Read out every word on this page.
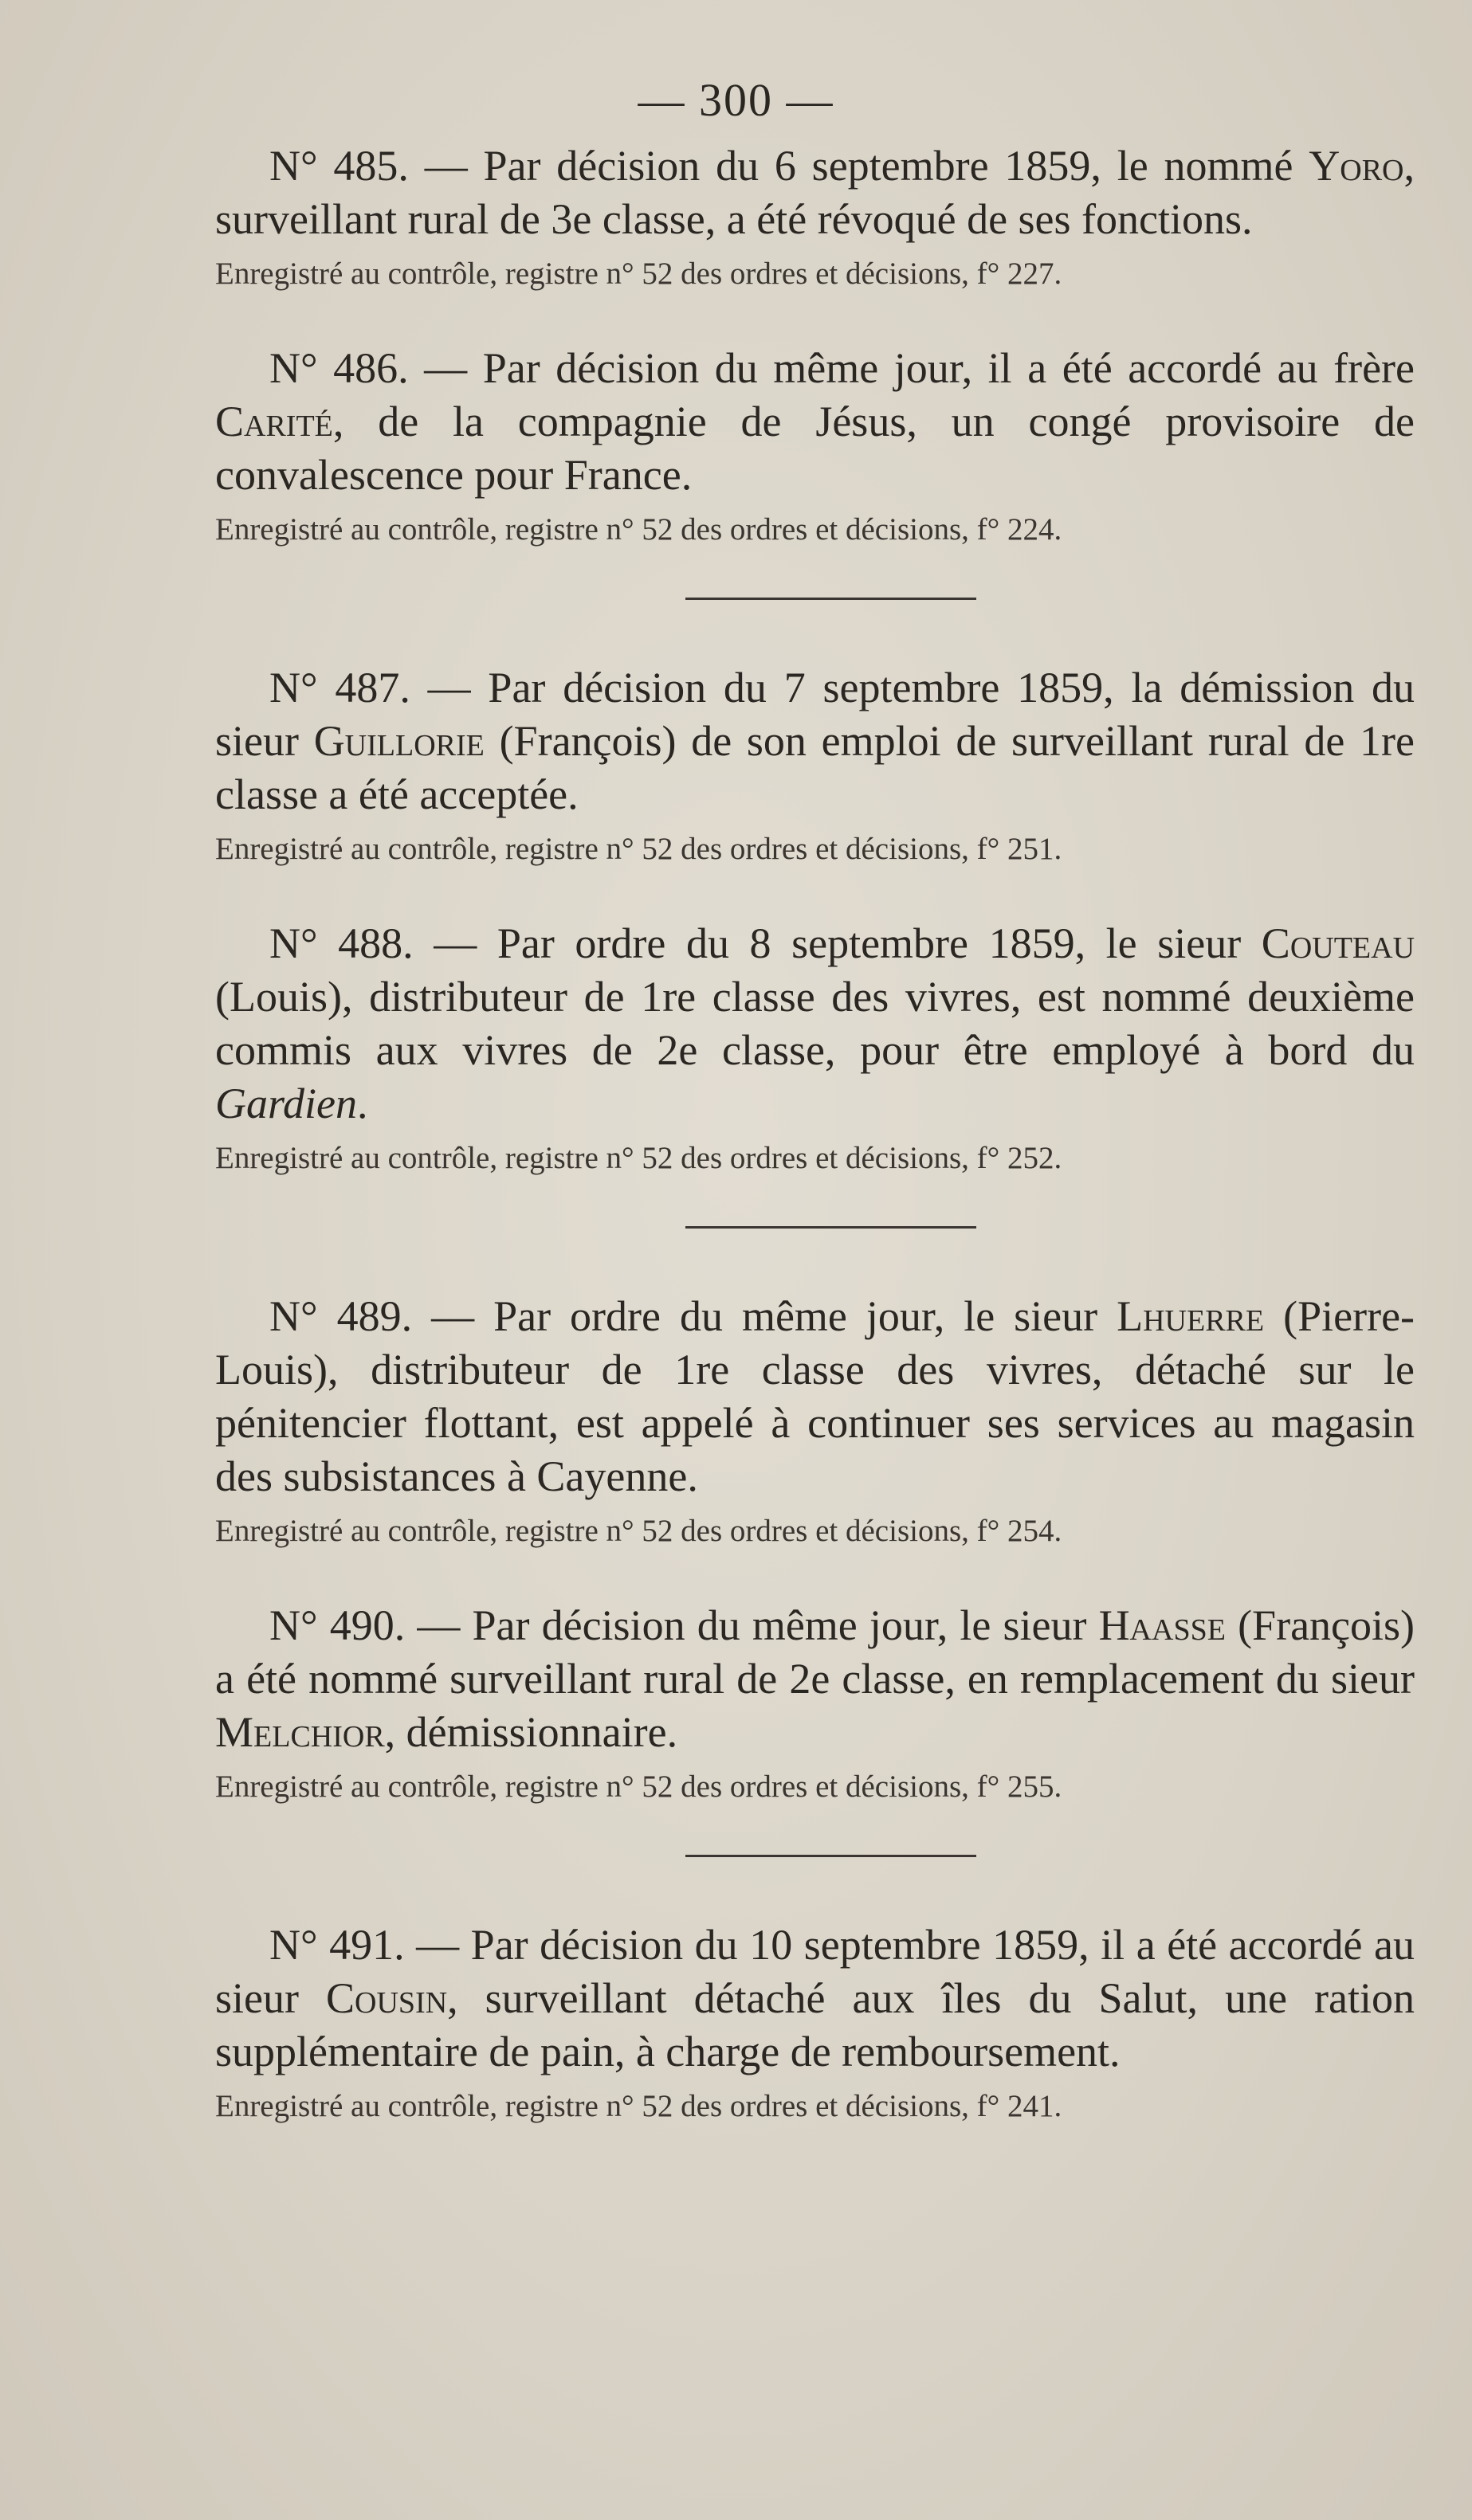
— 300 —

N° 485. — Par décision du 6 septembre 1859, le nommé Yoro, surveillant rural de 3e classe, a été révoqué de ses fonctions.

Enregistré au contrôle, registre n° 52 des ordres et décisions, f° 227.

N° 486. — Par décision du même jour, il a été accordé au frère Carité, de la compagnie de Jésus, un congé provisoire de convalescence pour France.

Enregistré au contrôle, registre n° 52 des ordres et décisions, f° 224.

N° 487. — Par décision du 7 septembre 1859, la démission du sieur Guillorie (François) de son emploi de surveillant rural de 1re classe a été acceptée.

Enregistré au contrôle, registre n° 52 des ordres et décisions, f° 251.

N° 488. — Par ordre du 8 septembre 1859, le sieur Couteau (Louis), distributeur de 1re classe des vivres, est nommé deuxième commis aux vivres de 2e classe, pour être employé à bord du Gardien.

Enregistré au contrôle, registre n° 52 des ordres et décisions, f° 252.

N° 489. — Par ordre du même jour, le sieur Lhuerre (Pierre-Louis), distributeur de 1re classe des vivres, détaché sur le pénitencier flottant, est appelé à continuer ses services au magasin des subsistances à Cayenne.

Enregistré au contrôle, registre n° 52 des ordres et décisions, f° 254.

N° 490. — Par décision du même jour, le sieur Haasse (François) a été nommé surveillant rural de 2e classe, en remplacement du sieur Melchior, démissionnaire.

Enregistré au contrôle, registre n° 52 des ordres et décisions, f° 255.

N° 491. — Par décision du 10 septembre 1859, il a été accordé au sieur Cousin, surveillant détaché aux îles du Salut, une ration supplémentaire de pain, à charge de remboursement.

Enregistré au contrôle, registre n° 52 des ordres et décisions, f° 241.
